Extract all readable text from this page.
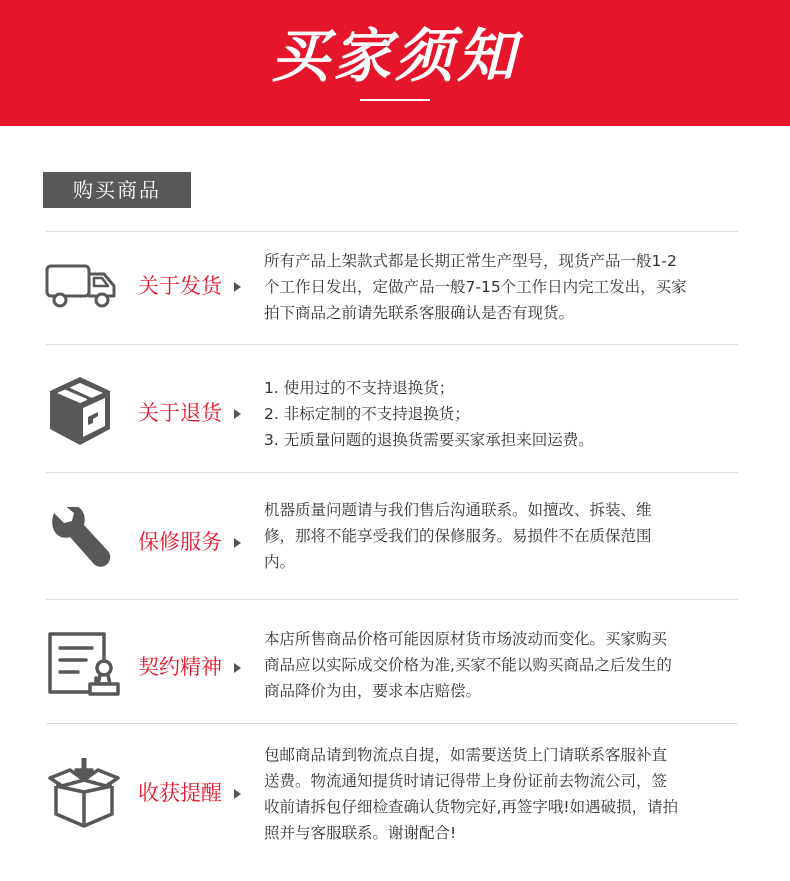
买家须知
购买商品
关于发货
所有产品上架款式都是长期正常生产型号，现货产品一般1-2
个工作日发出，定做产品一般7-15个工作日内完工发出，买家
拍下商品之前请先联系客服确认是否有现货。
关于退货
1. 使用过的不支持退换货；
2. 非标定制的不支持退换货；
3. 无质量问题的退换货需要买家承担来回运费。
保修服务
机器质量问题请与我们售后沟通联系。如擅改、拆装、维
修，那将不能享受我们的保修服务。易损件不在质保范围
内。
契约精神
本店所售商品价格可能因原材货市场波动而变化。买家购买
商品应以实际成交价格为准,买家不能以购买商品之后发生的
商品降价为由，要求本店赔偿。
收获提醒
包邮商品请到物流点自提，如需要送货上门请联系客服补直
送费。物流通知提货时请记得带上身份证前去物流公司，签
收前请拆包仔细检查确认货物完好,再签字哦!如遇破损，请拍
照并与客服联系。谢谢配合!
